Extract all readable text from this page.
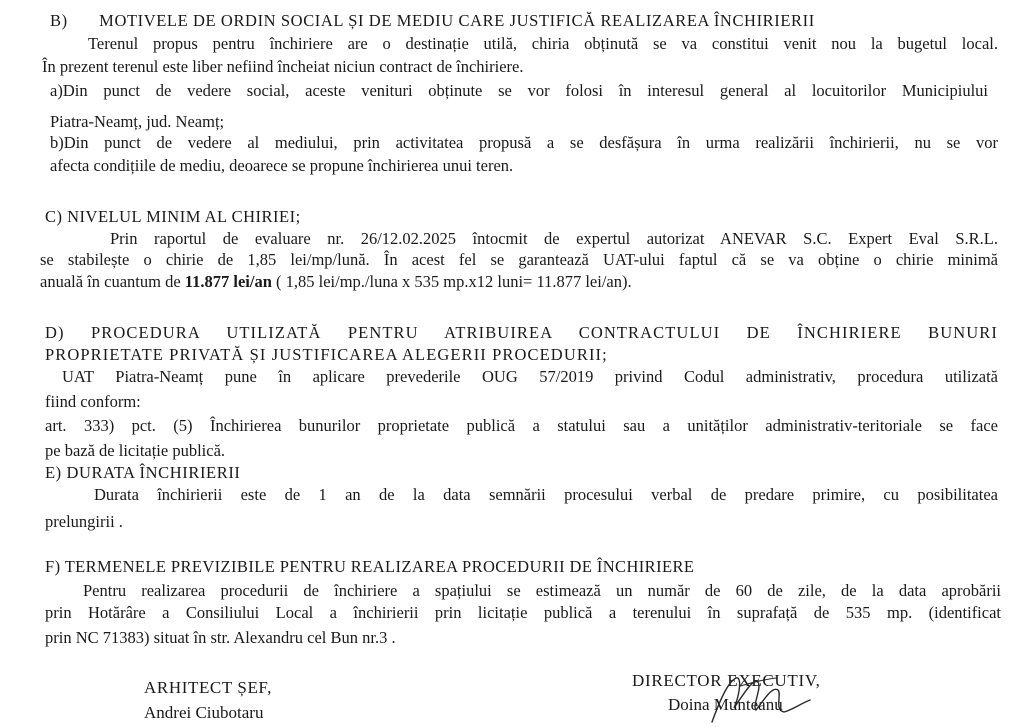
B) MOTIVELE DE ORDIN SOCIAL ȘI DE MEDIU CARE JUSTIFICĂ REALIZAREA ÎNCHIRIERII
Terenul propus pentru închiriere are o destinație utilă, chiria obținută se va constitui venit nou la bugetul local.
În prezent terenul este liber nefiind încheiat niciun contract de închiriere.
a)Din punct de vedere social, aceste venituri obținute se vor folosi în interesul general al locuitorilor Municipiului
Piatra-Neamț, jud. Neamț;
b)Din punct de vedere al mediului, prin activitatea propusă a se desfășura în urma realizării închirierii, nu se vor
afecta condițiile de mediu, deoarece se propune închirierea unui teren.
C) NIVELUL MINIM AL CHIRIEI;
Prin raportul de evaluare nr. 26/12.02.2025 întocmit de expertul autorizat ANEVAR S.C. Expert Eval S.R.L.
se stabilește o chirie de 1,85 lei/mp/lună. În acest fel se garantează UAT-ului faptul că se va obține o chirie minimă
anuală în cuantum de 11.877 lei/an ( 1,85 lei/mp./luna x 535 mp.x12 luni= 11.877 lei/an).
D) PROCEDURA UTILIZATĂ PENTRU ATRIBUIREA CONTRACTULUI DE ÎNCHIRIERE BUNURI
PROPRIETATE PRIVATĂ ȘI JUSTIFICAREA ALEGERII PROCEDURII;
UAT Piatra-Neamț pune în aplicare prevederile OUG 57/2019 privind Codul administrativ, procedura utilizată
fiind conform:
art. 333) pct. (5) Închirierea bunurilor proprietate publică a statului sau a unităților administrativ-teritoriale se face
pe bază de licitație publică.
E) DURATA ÎNCHIRIERII
Durata închirierii este de 1 an de la data semnării procesului verbal de predare primire, cu posibilitatea
prelungirii .
F) TERMENELE PREVIZIBILE PENTRU REALIZAREA PROCEDURII DE ÎNCHIRIERE
Pentru realizarea procedurii de închiriere a spațiului se estimează un număr de 60 de zile, de la data aprobării
prin Hotărâre a Consiliului Local a închirierii prin licitație publică a terenului în suprafață de 535 mp. (identificat
prin NC 71383) situat în str. Alexandru cel Bun nr.3 .
ARHITECT ȘEF,
Andrei Ciubotaru
DIRECTOR EXECUTIV,
Doina Munteanu
